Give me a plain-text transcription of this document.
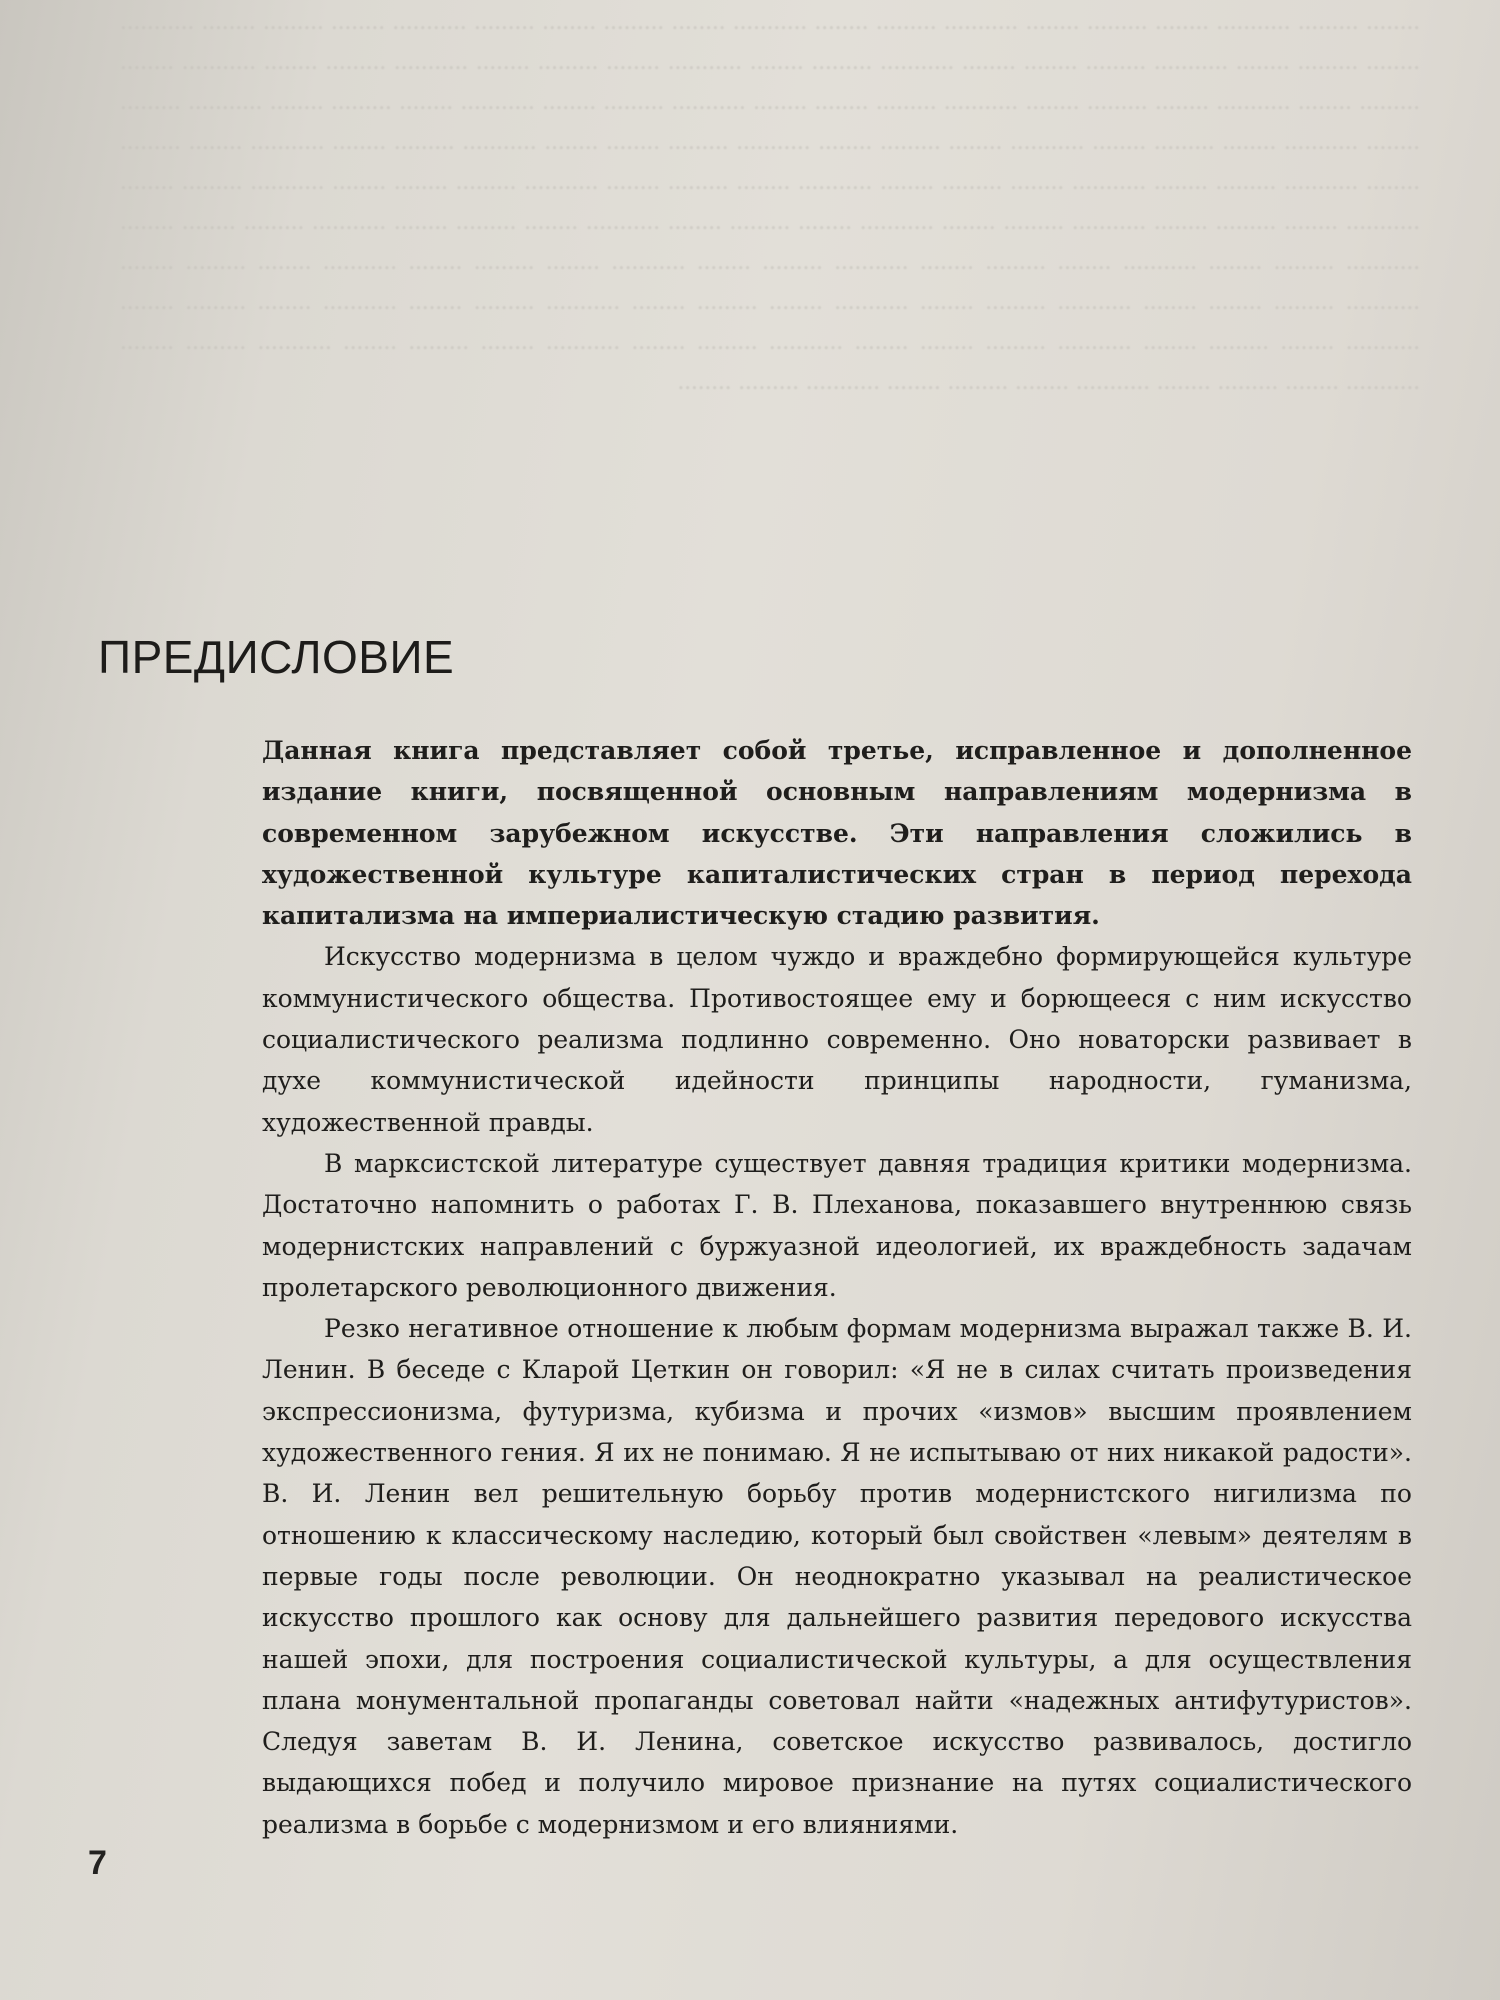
........ ......... ........... ........ ......... ........ ........... ......... ........ ........... ........ ......... ........ ......... ........... ........ ......... ........ ........... ........ ......... ........ ........... ......... ........ ........ ........... ......... ........ ........... ........ ......... ........ ........... ......... ........ ........... ........ ......... ........ ........... ........ ......... ........ ........... ......... ........ ........ ........... ......... ........ ........... ........ ......... ........ ........... ......... ........ ........... ........ ......... ........ ........... ........ ......... ........ ........... ......... ........ ........ ........... ......... ........ ........... ........ ......... ........ ........... ......... ........ ........... ........ ......... ........ ........... ........ ......... ........ ........... ......... ........ ........ ........... ......... ........ ........... ........ ......... ........ ........... ......... ........ ........... ........ ......... ........ ........... ........ ......... ........ ........... ......... ........ ........ ........... ......... ........ ........... ........ ......... ........ ........... ......... ........ ........... ........ ......... ........ ........... ........ ......... ........ ........... ......... ........ ........ ........... ......... ........ ........... ........ ......... ........ ........... ......... ........ ........... ........ ......... ........ ........... ........ ......... ........ ........... ......... ........ ........ ........... ......... ........ ........... ........ ......... ........ ........... ......... ........ ........... ........ ......... ........ ........... ........ ......... ........ ........... ......... ........
ПРЕДИСЛОВИЕ

Данная книга представляет собой третье, исправленное и дополненное издание книги, посвященной основным направлениям модернизма в современном зарубежном искусстве. Эти направления сложились в художественной культуре капиталистических стран в период перехода капитализма на империалистическую стадию развития.

Искусство модернизма в целом чуждо и враждебно формирующейся культуре коммунистического общества. Противостоящее ему и борющееся с ним искусство социалистического реализма подлинно современно. Оно новаторски развивает в духе коммунистической идейности принципы народности, гуманизма, художественной правды.

В марксистской литературе существует давняя традиция критики модернизма. Достаточно напомнить о работах Г. В. Плеханова, показавшего внутреннюю связь модернистских направлений с буржуазной идеологией, их враждебность задачам пролетарского революционного движения.

Резко негативное отношение к любым формам модернизма выражал также В. И. Ленин. В беседе с Кларой Цеткин он говорил: «Я не в силах считать произведения экспрессионизма, футуризма, кубизма и прочих «измов» высшим проявлением художественного гения. Я их не понимаю. Я не испытываю от них никакой радости». В. И. Ленин вел решительную борьбу против модернистского нигилизма по отношению к классическому наследию, который был свойствен «левым» деятелям в первые годы после революции. Он неоднократно указывал на реалистическое искусство прошлого как основу для дальнейшего развития передового искусства нашей эпохи, для построения социалистической культуры, а для осуществления плана монументальной пропаганды советовал найти «надежных антифутуристов». Следуя заветам В. И. Ленина, советское искусство развивалось, достигло выдающихся побед и получило мировое признание на путях социалистического реализма в борьбе с модернизмом и его влияниями.

7
